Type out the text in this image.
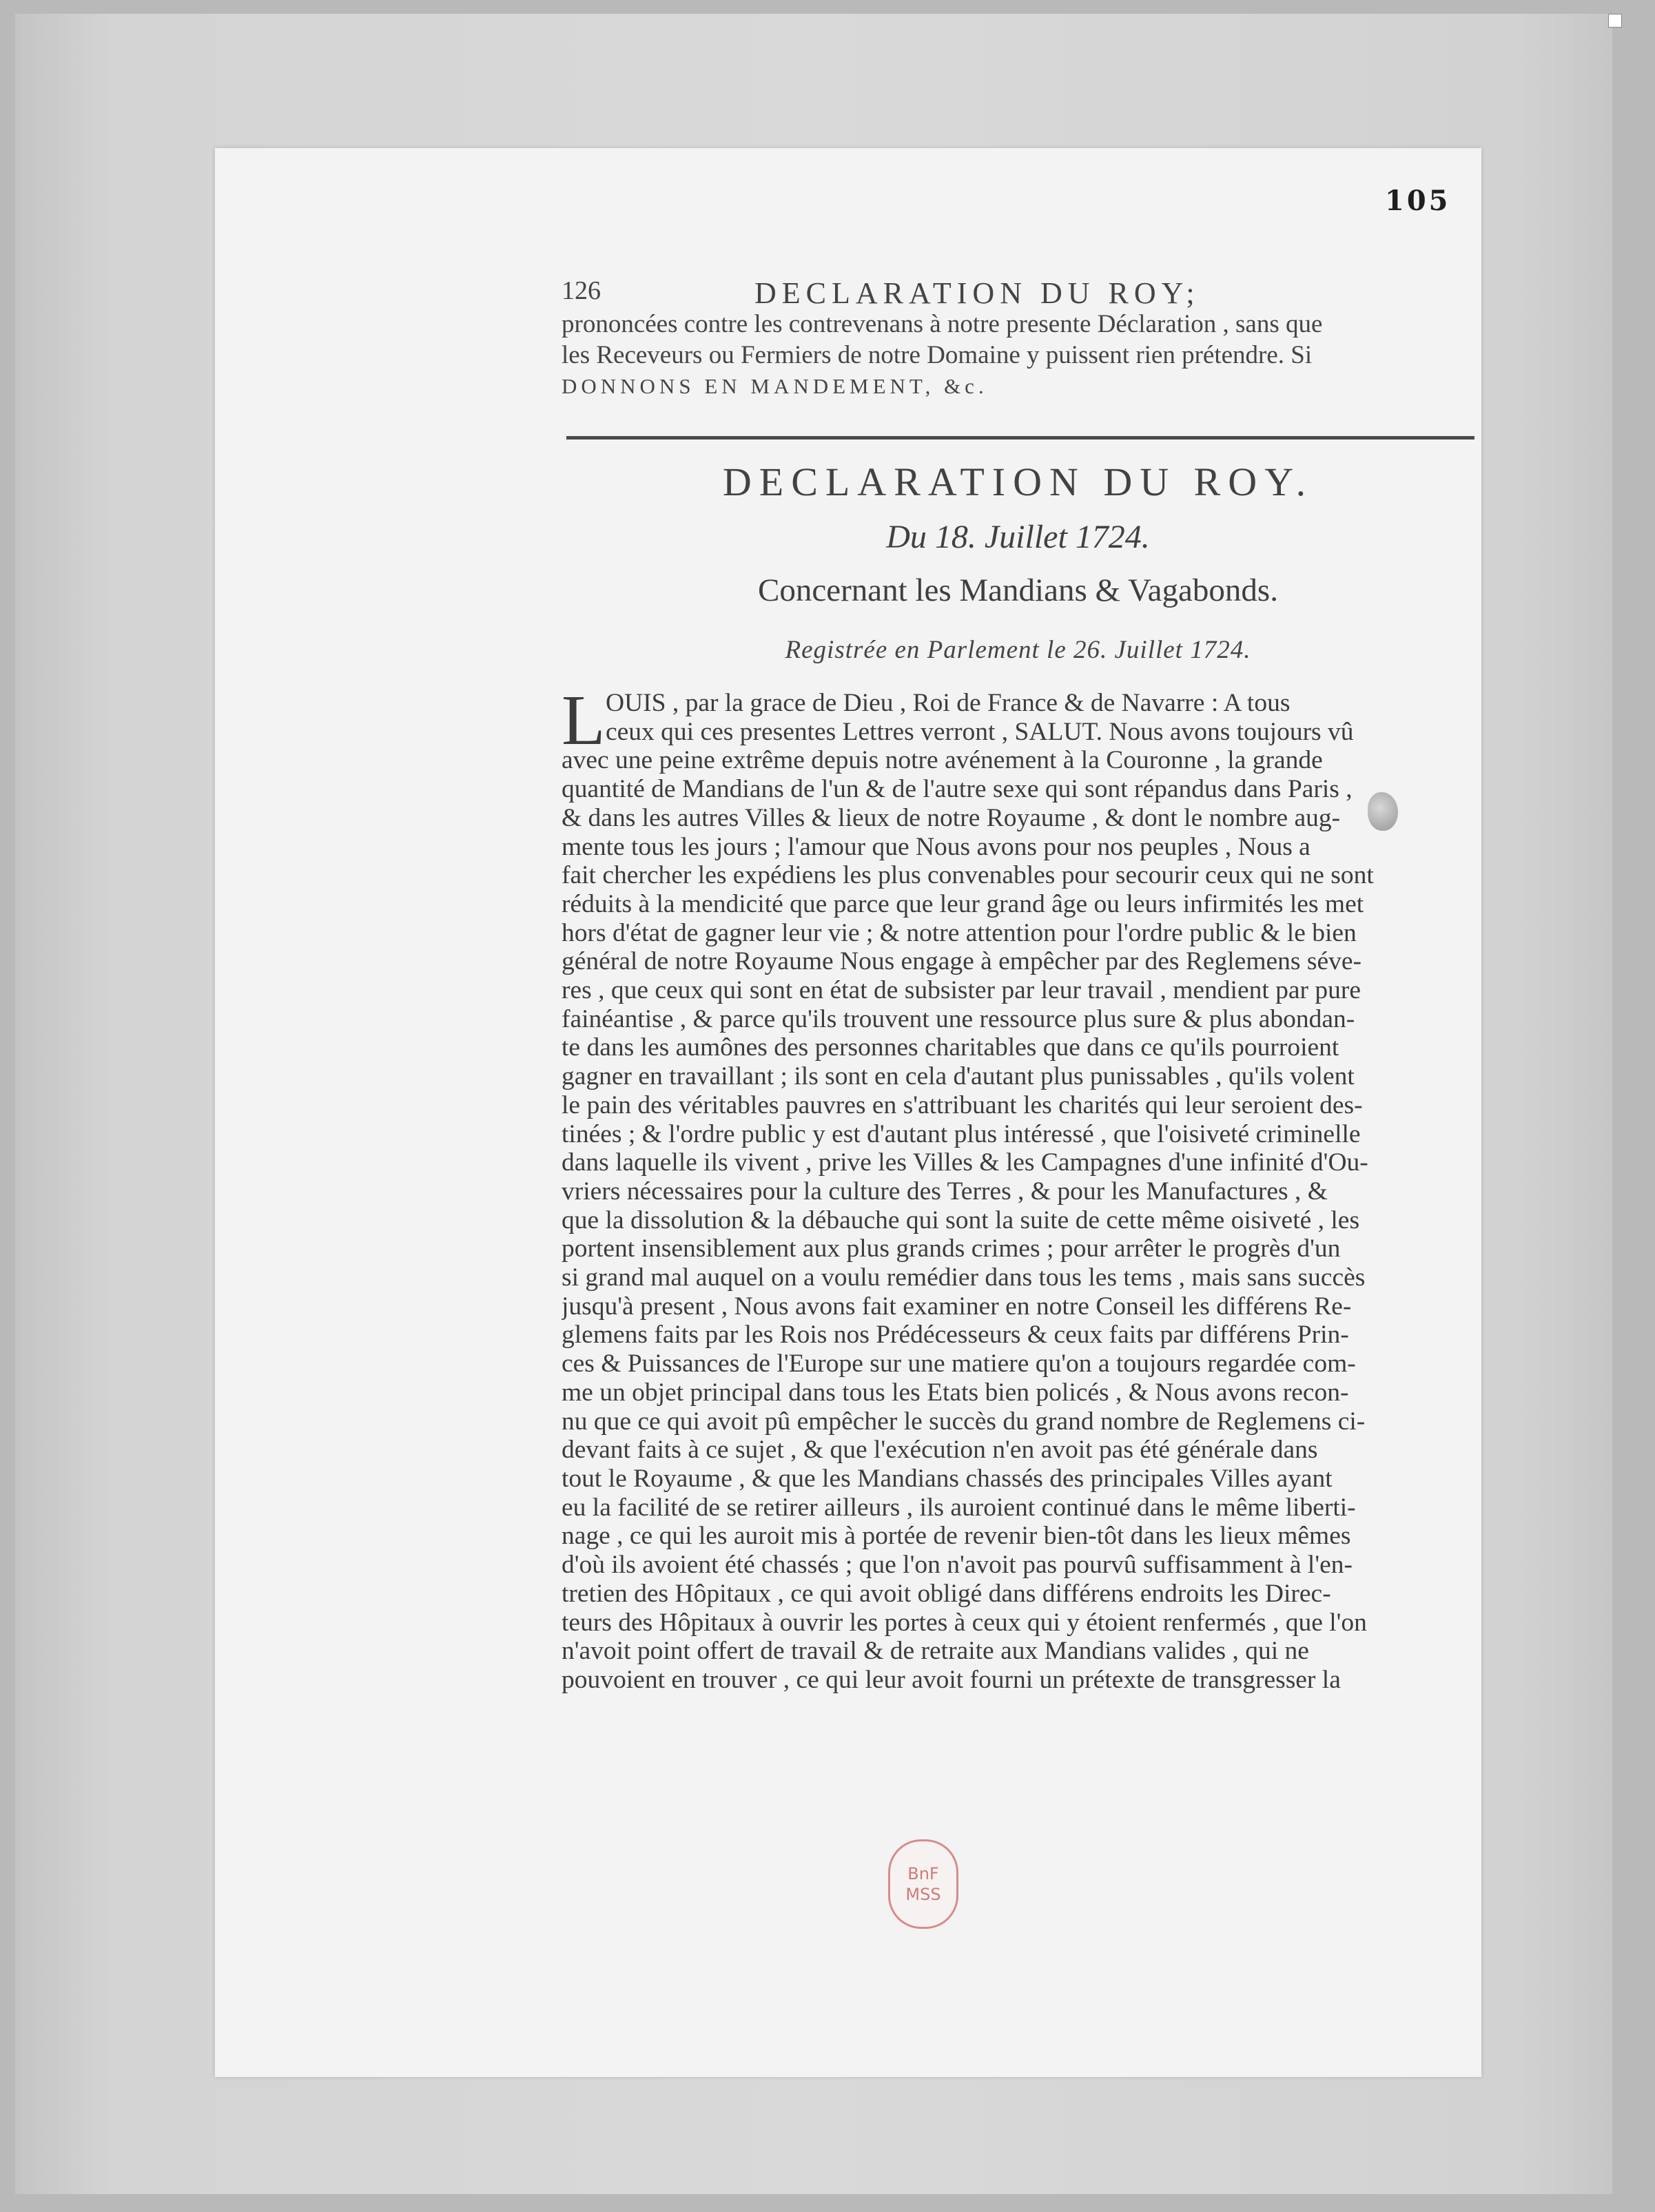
105
126	DECLARATION DU ROY;
prononcées contre les contrevenans à notre presente Déclaration , sans que
les Receveurs ou Fermiers de notre Domaine y puissent rien prétendre. Si
DONNONS EN MANDEMENT, &c.
DECLARATION DU ROY.
Du 18. Juillet 1724.
Concernant les Mandians & Vagabonds.
Registrée en Parlement le 26. Juillet 1724.
L OUIS , par la grace de Dieu , Roi de France & de Navarre : A tous
ceux qui ces presentes Lettres verront , SALUT. Nous avons toujours vû
avec une peine extrême depuis notre avénement à la Couronne , la grande
quantité de Mandians de l'un & de l'autre sexe qui sont répandus dans Paris ,
& dans les autres Villes & lieux de notre Royaume , & dont le nombre aug-
mente tous les jours ; l'amour que Nous avons pour nos peuples , Nous a
fait chercher les expédiens les plus convenables pour secourir ceux qui ne sont
réduits à la mendicité que parce que leur grand âge ou leurs infirmités les met
hors d'état de gagner leur vie ; & notre attention pour l'ordre public & le bien
général de notre Royaume Nous engage à empêcher par des Reglemens séve-
res , que ceux qui sont en état de subsister par leur travail , mendient par pure
fainéantise , & parce qu'ils trouvent une ressource plus sure & plus abondan-
te dans les aumônes des personnes charitables que dans ce qu'ils pourroient
gagner en travaillant ; ils sont en cela d'autant plus punissables , qu'ils volent
le pain des véritables pauvres en s'attribuant les charités qui leur seroient des-
tinées ; & l'ordre public y est d'autant plus intéressé , que l'oisiveté criminelle
dans laquelle ils vivent , prive les Villes & les Campagnes d'une infinité d'Ou-
vriers nécessaires pour la culture des Terres , & pour les Manufactures , &
que la dissolution & la débauche qui sont la suite de cette même oisiveté , les
portent insensiblement aux plus grands crimes ; pour arrêter le progrès d'un
si grand mal auquel on a voulu remédier dans tous les tems , mais sans succès
jusqu'à present , Nous avons fait examiner en notre Conseil les différens Re-
glemens faits par les Rois nos Prédécesseurs & ceux faits par différens Prin-
ces & Puissances de l'Europe sur une matiere qu'on a toujours regardée com-
me un objet principal dans tous les Etats bien policés , & Nous avons recon-
nu que ce qui avoit pû empêcher le succès du grand nombre de Reglemens ci-
devant faits à ce sujet , & que l'exécution n'en avoit pas été générale dans
tout le Royaume , & que les Mandians chassés des principales Villes ayant
eu la facilité de se retirer ailleurs , ils auroient continué dans le même liberti-
nage , ce qui les auroit mis à portée de revenir bien-tôt dans les lieux mêmes
d'où ils avoient été chassés ; que l'on n'avoit pas pourvû suffisamment à l'en-
tretien des Hôpitaux , ce qui avoit obligé dans différens endroits les Direc-
teurs des Hôpitaux à ouvrir les portes à ceux qui y étoient renfermés , que l'on
n'avoit point offert de travail & de retraite aux Mandians valides , qui ne
pouvoient en trouver , ce qui leur avoit fourni un prétexte de transgresser la
BnF
MSS
